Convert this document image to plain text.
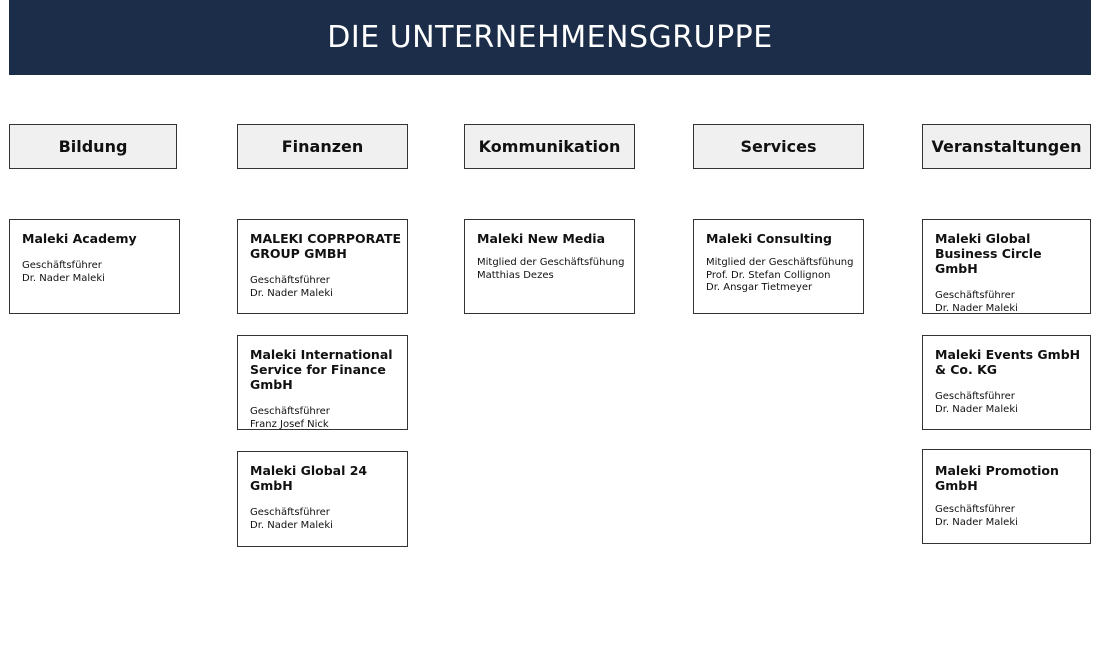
DIE UNTERNEHMENSGRUPPE
Bildung	Finanzen	Kommunikation	Services	Veranstaltungen
Maleki Academy
Geschäftsführer
Dr. Nader Maleki
MALEKI COPRPORATE GROUP GMBH
Geschäftsführer
Dr. Nader Maleki
Maleki International Service for Finance GmbH
Geschäftsführer
Franz Josef Nick
Maleki Global 24 GmbH
Geschäftsführer
Dr. Nader Maleki
Maleki New Media
Mitglied der Geschäftsfühung
Matthias Dezes
Maleki Consulting
Mitglied der Geschäftsfühung
Prof. Dr. Stefan Collignon
Dr. Ansgar Tietmeyer
Maleki Global Business Circle GmbH
Geschäftsführer
Dr. Nader Maleki
Maleki Events GmbH & Co. KG
Geschäftsführer
Dr. Nader Maleki
Maleki Promotion GmbH
Geschäftsführer
Dr. Nader Maleki
